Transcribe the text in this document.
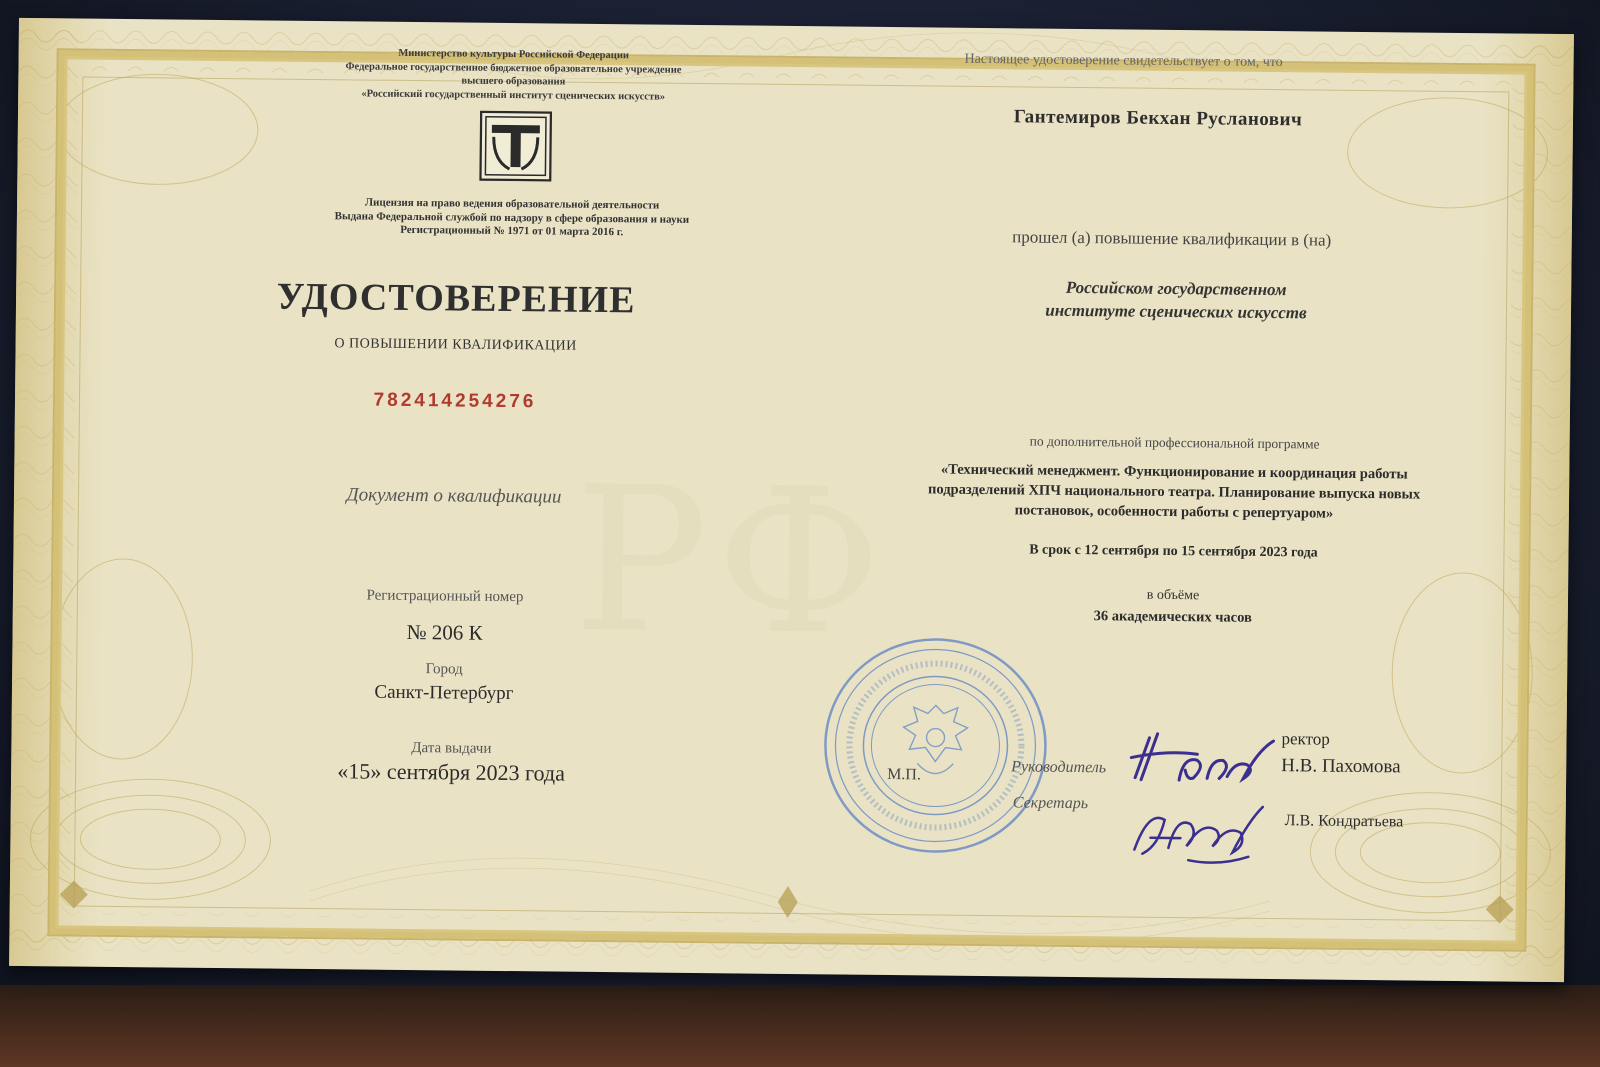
РФ
Министерство культуры Российской Федерации
Федеральное государственное бюджетное образовательное учреждение
высшего образования
«Российский государственный институт сценических искусств»
Лицензия на право ведения образовательной деятельности
Выдана Федеральной службой по надзору в сфере образования и науки
Регистрационный № 1971 от 01 марта 2016 г.
УДОСТОВЕРЕНИЕ
О ПОВЫШЕНИИ КВАЛИФИКАЦИИ
782414254276
Документ о квалификации
Регистрационный номер
№ 206 К
Город
Санкт-Петербург
Дата выдачи
«15» сентября 2023 года
Настоящее удостоверение свидетельствует о том, что
Гантемиров Бекхан Русланович
прошел (а) повышение квалификации в (на)
Российском государственном
институте сценических искусств
по дополнительной профессиональной программе
«Технический менеджмент. Функционирование и координация работы
подразделений ХПЧ национального театра. Планирование выпуска новых
постановок, особенности работы с репертуаром»
В срок с 12 сентября по 15 сентября 2023 года
в объёме
36 академических часов
М.П.	Руководитель
ректор
Н.В. Пахомова
Секретарь
Л.В. Кондратьева
